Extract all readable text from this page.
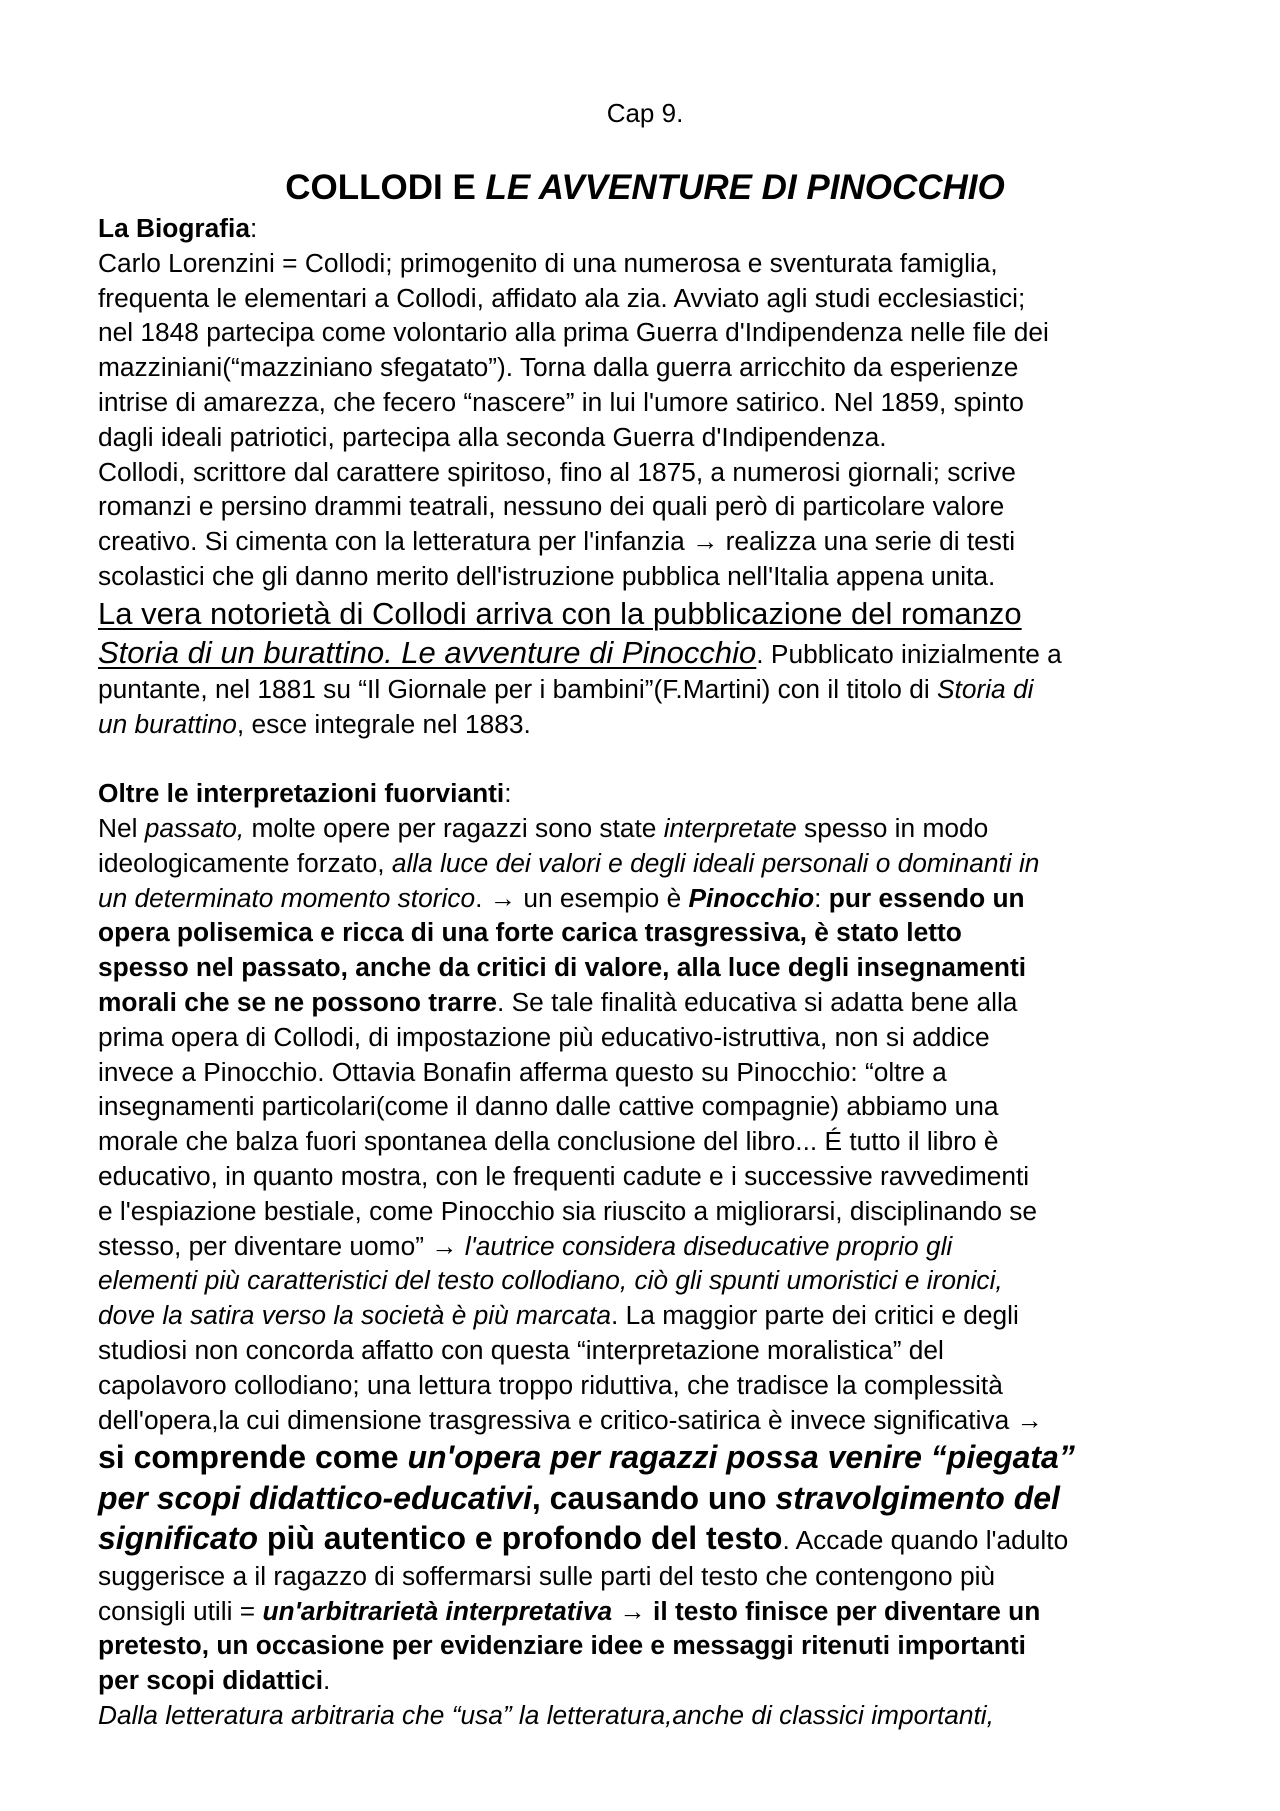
Cap 9.
COLLODI E LE AVVENTURE DI PINOCCHIO
La Biografia:
Carlo Lorenzini = Collodi; primogenito di una numerosa e sventurata famiglia,
frequenta le elementari a Collodi, affidato ala zia. Avviato agli studi ecclesiastici;
nel 1848 partecipa come volontario alla prima Guerra d'Indipendenza nelle file dei
mazziniani(“mazziniano sfegatato”). Torna dalla guerra arricchito da esperienze
intrise di amarezza, che fecero “nascere” in lui l'umore satirico. Nel 1859, spinto
dagli ideali patriotici, partecipa alla seconda Guerra d'Indipendenza.
Collodi, scrittore dal carattere spiritoso, fino al 1875, a numerosi giornali; scrive
romanzi e persino drammi teatrali, nessuno dei quali però di particolare valore
creativo. Si cimenta con la letteratura per l'infanzia → realizza una serie di testi
scolastici che gli danno merito dell'istruzione pubblica nell'Italia appena unita.
La vera notorietà di Collodi arriva con la pubblicazione del romanzo
Storia di un burattino. Le avventure di Pinocchio. Pubblicato inizialmente a
puntante, nel 1881 su “Il Giornale per i bambini”(F.Martini) con il titolo di Storia di
un burattino, esce integrale nel 1883.
Oltre le interpretazioni fuorvianti:
Nel passato, molte opere per ragazzi sono state interpretate spesso in modo
ideologicamente forzato, alla luce dei valori e degli ideali personali o dominanti in
un determinato momento storico. → un esempio è Pinocchio: pur essendo un
opera polisemica e ricca di una forte carica trasgressiva, è stato letto
spesso nel passato, anche da critici di valore, alla luce degli insegnamenti
morali che se ne possono trarre. Se tale finalità educativa si adatta bene alla
prima opera di Collodi, di impostazione più educativo-istruttiva, non si addice
invece a Pinocchio. Ottavia Bonafin afferma questo su Pinocchio: “oltre a
insegnamenti particolari(come il danno dalle cattive compagnie) abbiamo una
morale che balza fuori spontanea della conclusione del libro... É tutto il libro è
educativo, in quanto mostra, con le frequenti cadute e i successive ravvedimenti
e l'espiazione bestiale, come Pinocchio sia riuscito a migliorarsi, disciplinando se
stesso, per diventare uomo” → l'autrice considera diseducative proprio gli
elementi più caratteristici del testo collodiano, ciò gli spunti umoristici e ironici,
dove la satira verso la società è più marcata. La maggior parte dei critici e degli
studiosi non concorda affatto con questa “interpretazione moralistica” del
capolavoro collodiano; una lettura troppo riduttiva, che tradisce la complessità
dell'opera,la cui dimensione trasgressiva e critico-satirica è invece significativa →
si comprende come un'opera per ragazzi possa venire “piegata”
per scopi didattico-educativi, causando uno stravolgimento del
significato più autentico e profondo del testo. Accade quando l'adulto
suggerisce a il ragazzo di soffermarsi sulle parti del testo che contengono più
consigli utili = un'arbitrarietà interpretativa → il testo finisce per diventare un
pretesto, un occasione per evidenziare idee e messaggi ritenuti importanti
per scopi didattici.
Dalla letteratura arbitraria che “usa” la letteratura,anche di classici importanti,
